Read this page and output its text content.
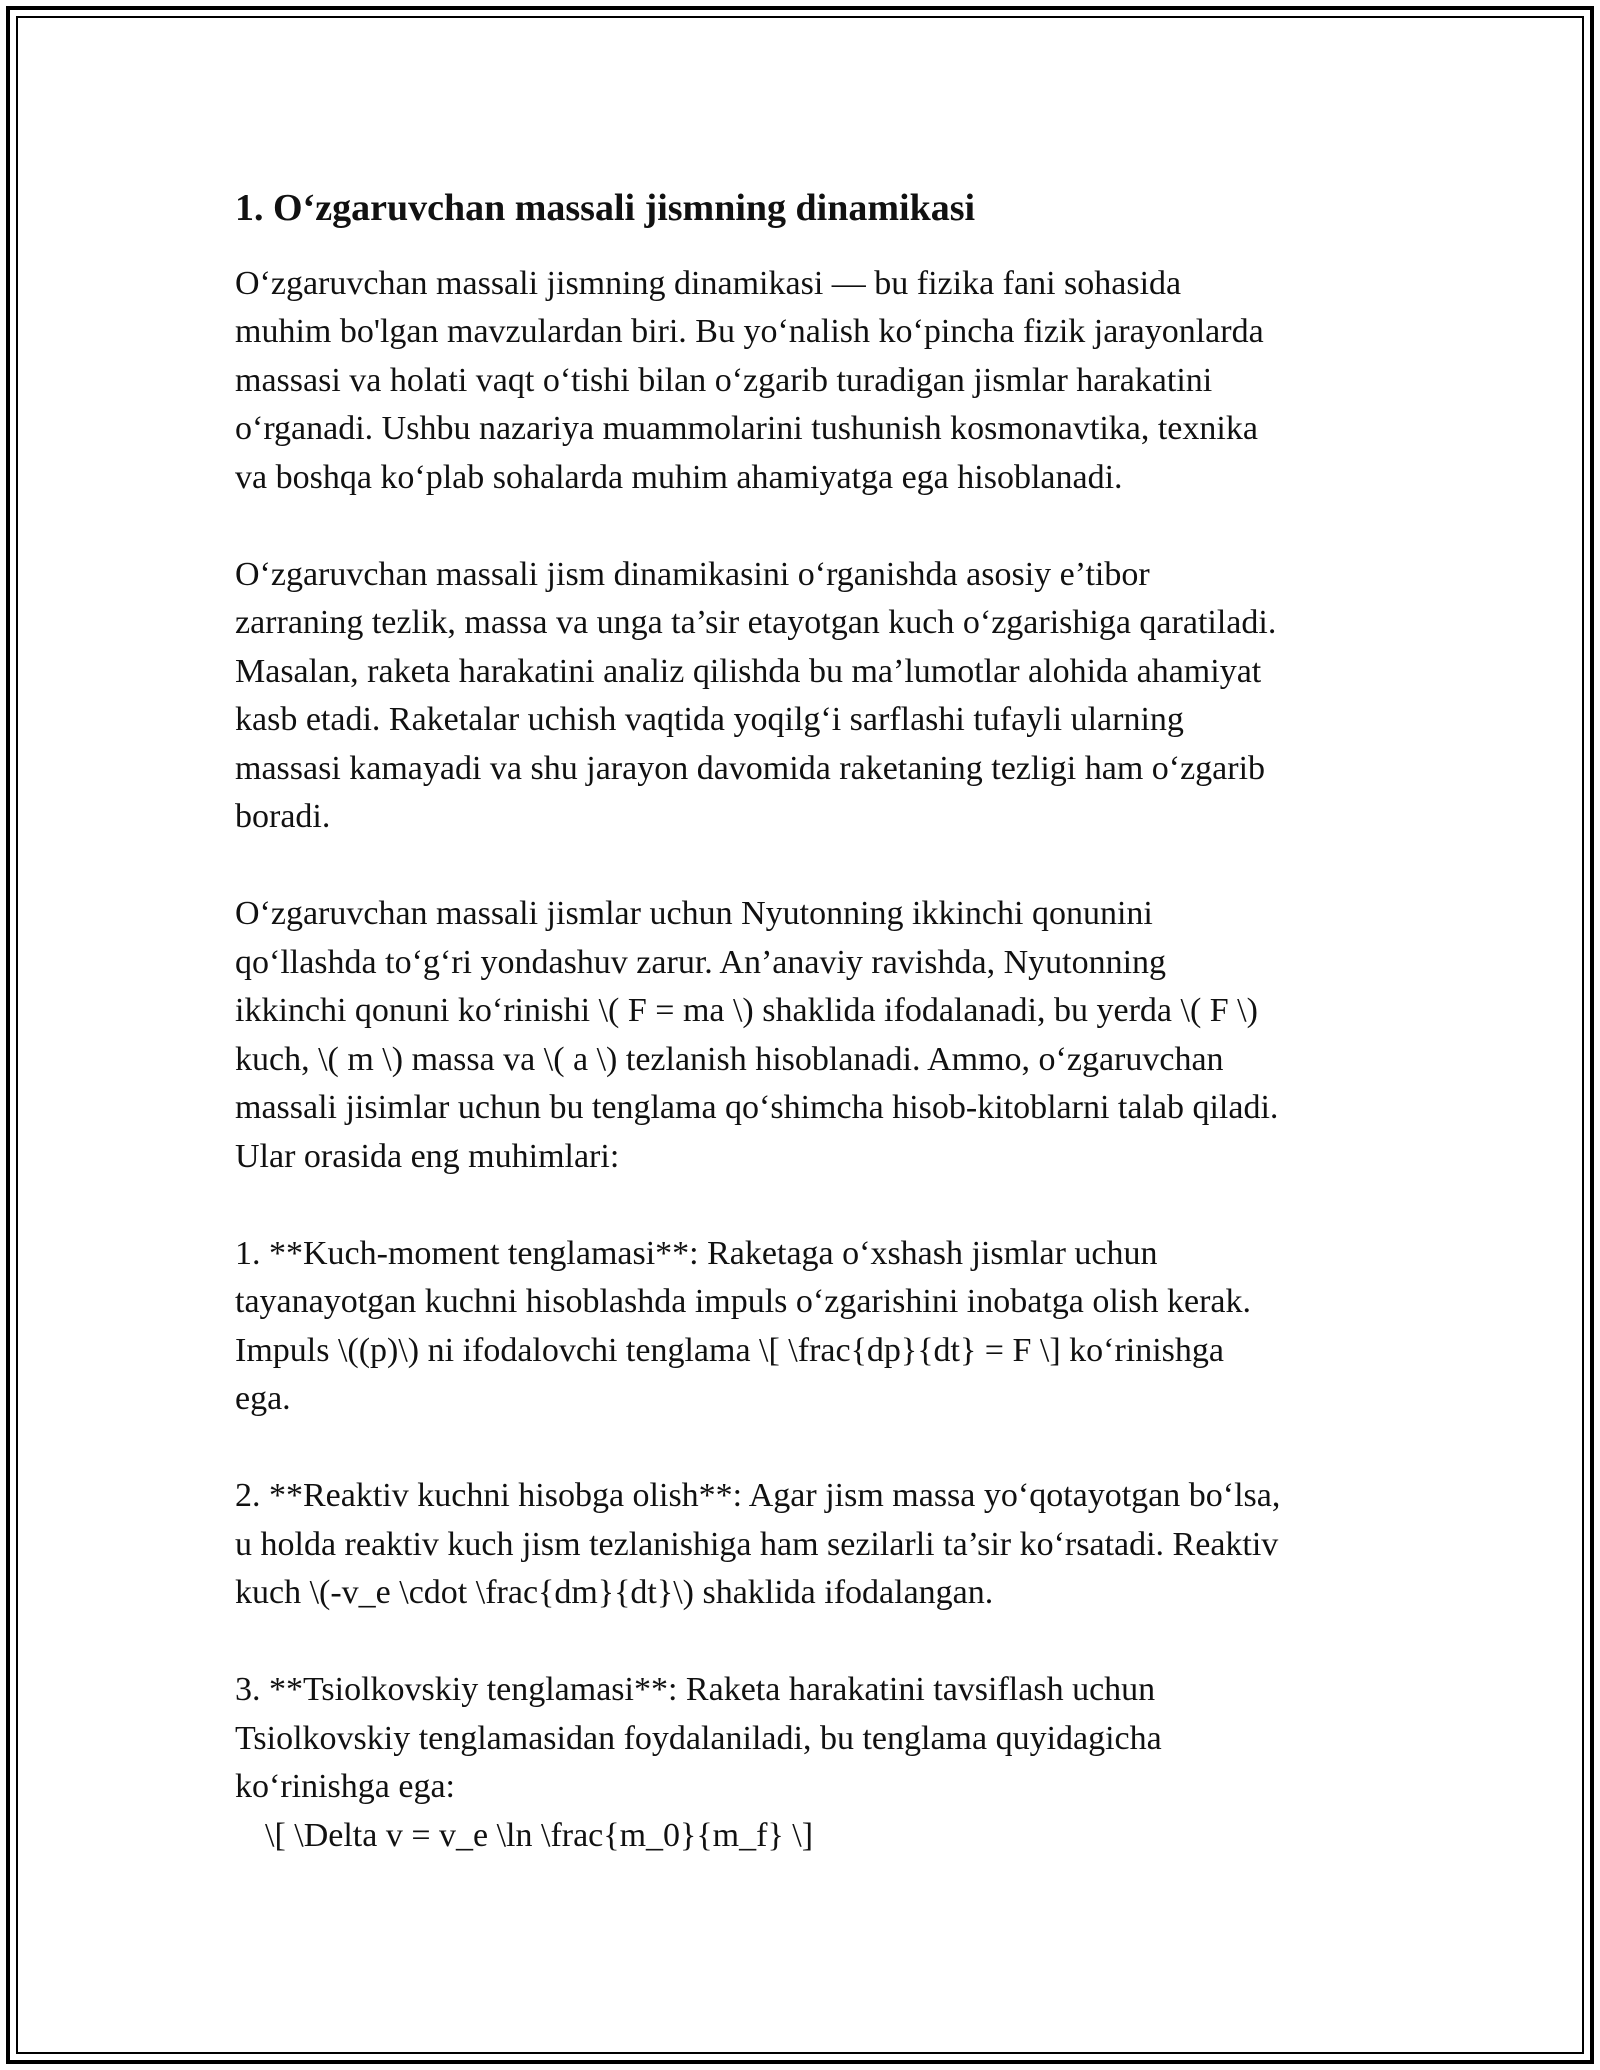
1. O‘zgaruvchan massali jismning dinamikasi

O‘zgaruvchan massali jismning dinamikasi — bu fizika fani sohasida
muhim bo'lgan mavzulardan biri. Bu yo‘nalish ko‘pincha fizik jarayonlarda
massasi va holati vaqt o‘tishi bilan o‘zgarib turadigan jismlar harakatini
o‘rganadi. Ushbu nazariya muammolarini tushunish kosmonavtika, texnika
va boshqa ko‘plab sohalarda muhim ahamiyatga ega hisoblanadi.

O‘zgaruvchan massali jism dinamikasini o‘rganishda asosiy e’tibor
zarraning tezlik, massa va unga ta’sir etayotgan kuch o‘zgarishiga qaratiladi.
Masalan, raketa harakatini analiz qilishda bu ma’lumotlar alohida ahamiyat
kasb etadi. Raketalar uchish vaqtida yoqilg‘i sarflashi tufayli ularning
massasi kamayadi va shu jarayon davomida raketaning tezligi ham o‘zgarib
boradi.

O‘zgaruvchan massali jismlar uchun Nyutonning ikkinchi qonunini
qo‘llashda to‘g‘ri yondashuv zarur. An’anaviy ravishda, Nyutonning
ikkinchi qonuni ko‘rinishi \( F = ma \) shaklida ifodalanadi, bu yerda \( F \)
kuch, \( m \) massa va \( a \) tezlanish hisoblanadi. Ammo, o‘zgaruvchan
massali jisimlar uchun bu tenglama qo‘shimcha hisob-kitoblarni talab qiladi.
Ular orasida eng muhimlari:

1. **Kuch-moment tenglamasi**: Raketaga o‘xshash jismlar uchun
tayanayotgan kuchni hisoblashda impuls o‘zgarishini inobatga olish kerak.
Impuls \((p)\) ni ifodalovchi tenglama \[ \frac{dp}{dt} = F \] ko‘rinishga
ega.

2. **Reaktiv kuchni hisobga olish**: Agar jism massa yo‘qotayotgan bo‘lsa,
u holda reaktiv kuch jism tezlanishiga ham sezilarli ta’sir ko‘rsatadi. Reaktiv
kuch \(-v_e \cdot \frac{dm}{dt}\) shaklida ifodalangan.

3. **Tsiolkovskiy tenglamasi**: Raketa harakatini tavsiflash uchun
Tsiolkovskiy tenglamasidan foydalaniladi, bu tenglama quyidagicha
ko‘rinishga ega:

\[ \Delta v = v_e \ln \frac{m_0}{m_f} \]
